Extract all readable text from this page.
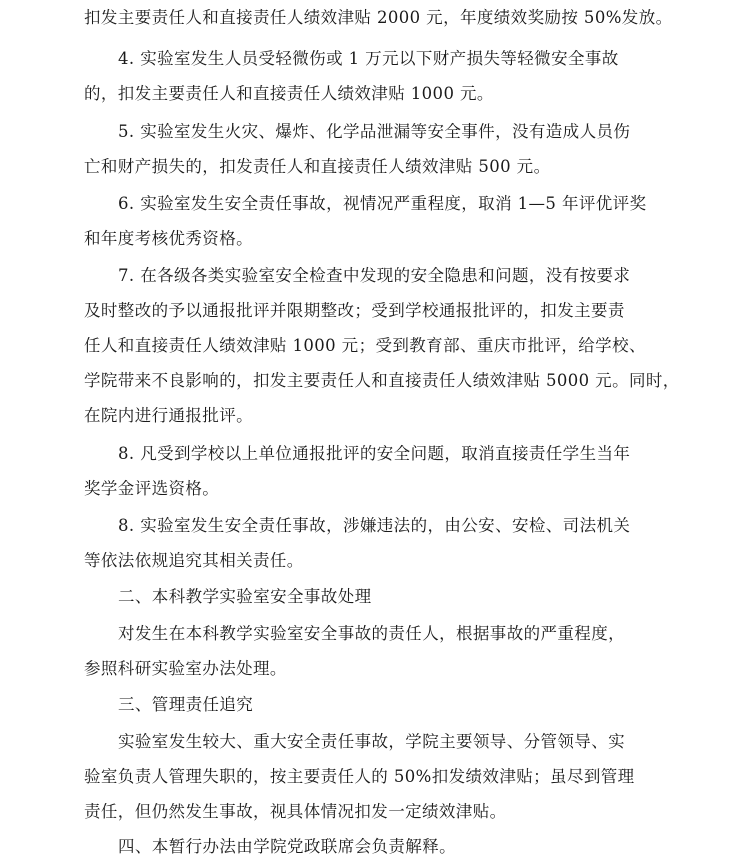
扣发主要责任人和直接责任人绩效津贴 2000 元，年度绩效奖励按 50%发放。
4. 实验室发生人员受轻微伤或 1 万元以下财产损失等轻微安全事故
的，扣发主要责任人和直接责任人绩效津贴 1000 元。
5. 实验室发生火灾、爆炸、化学品泄漏等安全事件，没有造成人员伤
亡和财产损失的，扣发责任人和直接责任人绩效津贴 500 元。
6. 实验室发生安全责任事故，视情况严重程度，取消 1—5 年评优评奖
和年度考核优秀资格。
7. 在各级各类实验室安全检查中发现的安全隐患和问题，没有按要求
及时整改的予以通报批评并限期整改；受到学校通报批评的，扣发主要责
任人和直接责任人绩效津贴 1000 元；受到教育部、重庆市批评，给学校、
学院带来不良影响的，扣发主要责任人和直接责任人绩效津贴 5000 元。同时，
在院内进行通报批评。
8. 凡受到学校以上单位通报批评的安全问题，取消直接责任学生当年
奖学金评选资格。
8. 实验室发生安全责任事故，涉嫌违法的，由公安、安检、司法机关
等依法依规追究其相关责任。
二、本科教学实验室安全事故处理
对发生在本科教学实验室安全事故的责任人，根据事故的严重程度，
参照科研实验室办法处理。
三、管理责任追究
实验室发生较大、重大安全责任事故，学院主要领导、分管领导、实
验室负责人管理失职的，按主要责任人的 50%扣发绩效津贴；虽尽到管理
责任，但仍然发生事故，视具体情况扣发一定绩效津贴。
四、本暂行办法由学院党政联席会负责解释。
